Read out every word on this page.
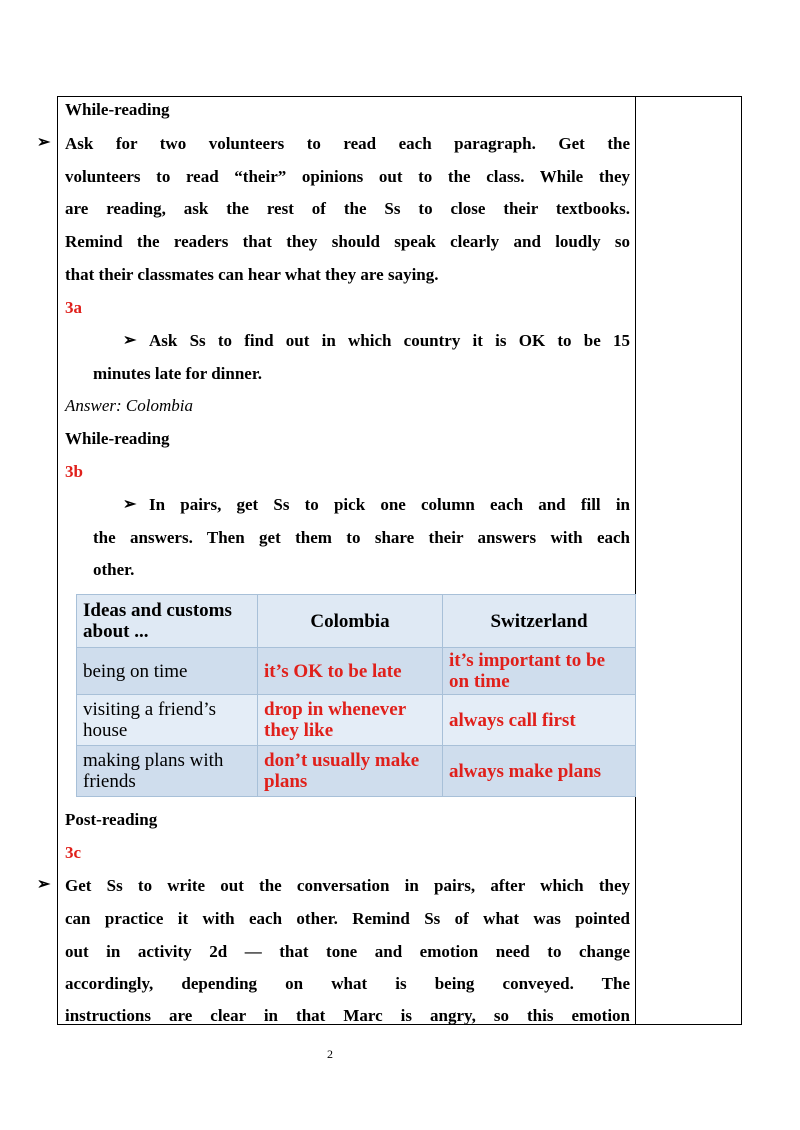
While-reading
Ask for two volunteers to read each paragraph. Get the
volunteers to read “their” opinions out to the class. While they
are reading, ask the rest of the Ss to close their textbooks.
Remind the readers that they should speak clearly and loudly so
that their classmates can hear what they are saying.
3a
➢ Ask Ss to find out in which country it is OK to be 15
minutes late for dinner.
Answer: Colombia
While-reading
3b
➢ In pairs, get Ss to pick one column each and fill in
the answers. Then get them to share their answers with each
other.
Ideas and customs about ...	Colombia	Switzerland
being on time	it’s OK to be late	it’s important to be on time
visiting a friend’s house	drop in whenever they like	always call first
making plans with friends	don’t usually make plans	always make plans
Post-reading
3c
Get Ss to write out the conversation in pairs, after which they
can practice it with each other. Remind Ss of what was pointed
out in activity 2d — that tone and emotion need to change
accordingly, depending on what is being conveyed. The
instructions are clear in that Marc is angry, so this emotion
➢
➢
2
